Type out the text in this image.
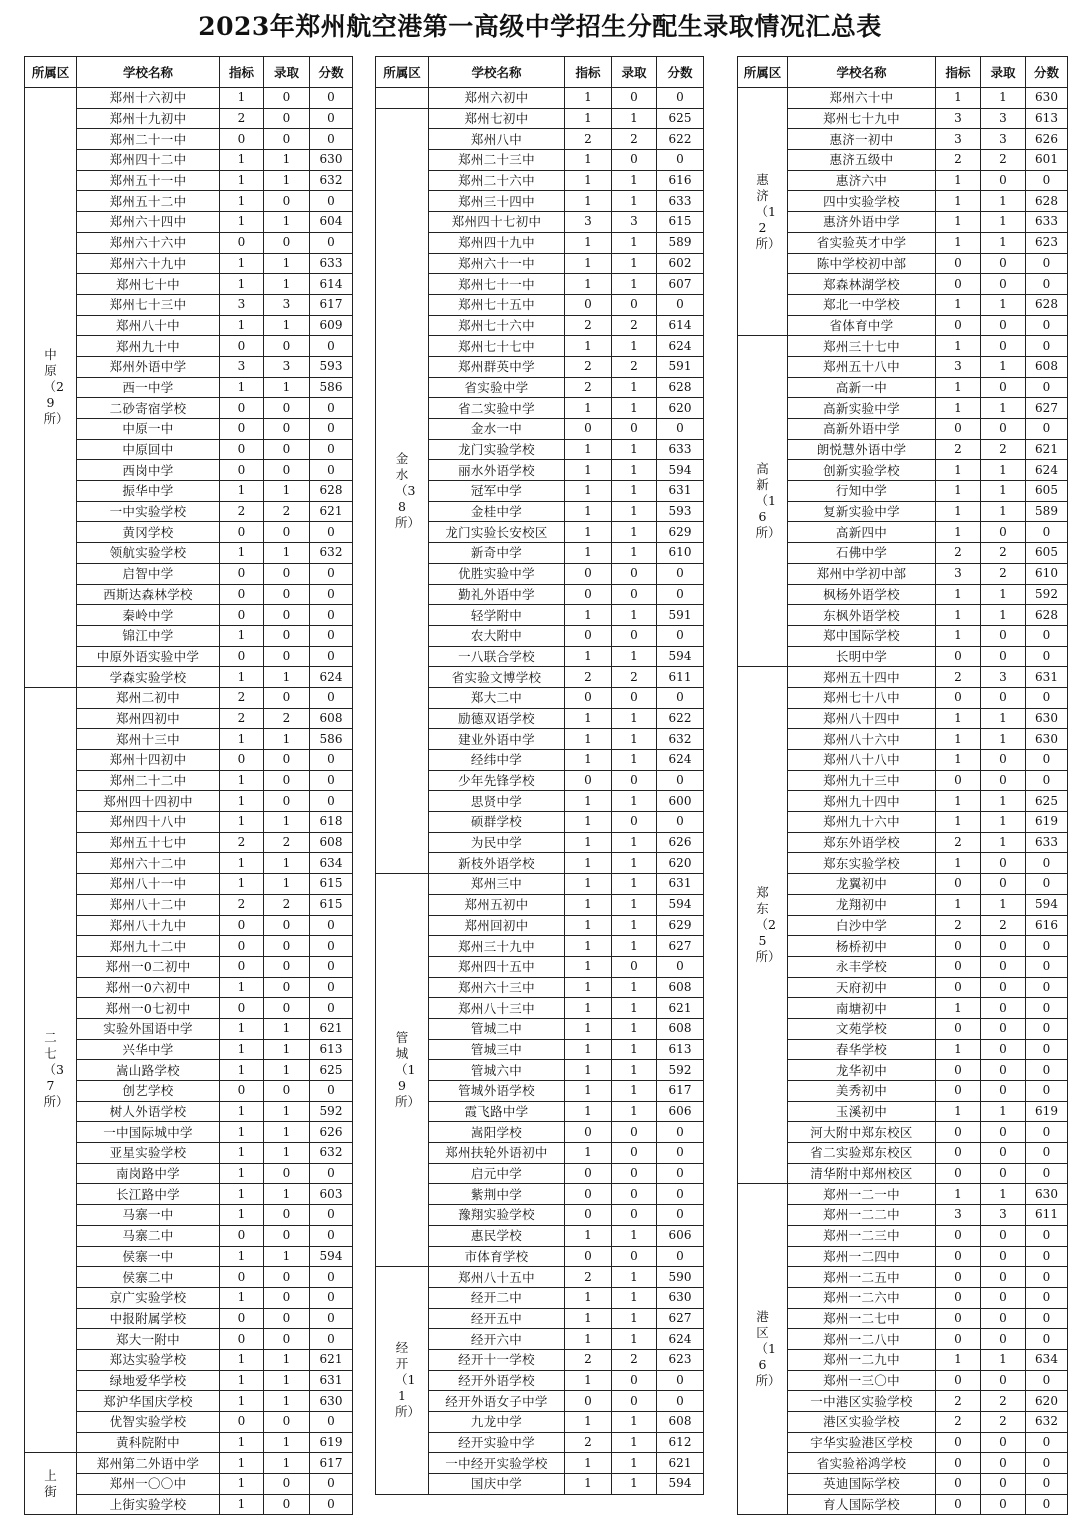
2023年郑州航空港第一高级中学招生分配生录取情况汇总表
所属区	学校名称	指标	录取	分数
中原（29所）	郑州十六初中	1	0	0
	郑州十九初中	2	0	0
	郑州二十一中	0	0	0
	郑州四十二中	1	1	630
	郑州五十一中	1	1	632
	郑州五十二中	1	0	0
	郑州六十四中	1	1	604
	郑州六十六中	0	0	0
	郑州六十九中	1	1	633
	郑州七十中	1	1	614
	郑州七十三中	3	3	617
	郑州八十中	1	1	609
	郑州九十中	0	0	0
	郑州外语中学	3	3	593
	西一中学	1	1	586
	二砂寄宿学校	0	0	0
	中原一中	0	0	0
	中原回中	0	0	0
	西岗中学	0	0	0
	振华中学	1	1	628
	一中实验学校	2	2	621
	黄冈学校	0	0	0
	领航实验学校	1	1	632
	启智中学	0	0	0
	西斯达森林学校	0	0	0
	秦岭中学	0	0	0
	锦江中学	1	0	0
	中原外语实验中学	0	0	0
	学森实验学校	1	1	624
二七（37所）	郑州二初中	2	0	0
	郑州四初中	2	2	608
	郑州十三中	1	1	586
	郑州十四初中	0	0	0
	郑州二十二中	1	0	0
	郑州四十四初中	1	0	0
	郑州四十八中	1	1	618
	郑州五十七中	2	2	608
	郑州六十二中	1	1	634
	郑州八十一中	1	1	615
	郑州八十二中	2	2	615
	郑州八十九中	0	0	0
	郑州九十二中	0	0	0
	郑州一0二初中	0	0	0
	郑州一0六初中	1	0	0
	郑州一0七初中	0	0	0
	实验外国语中学	1	1	621
	兴华中学	1	1	613
	嵩山路学校	1	1	625
	创艺学校	0	0	0
	树人外语学校	1	1	592
	一中国际城中学	1	1	626
	亚星实验学校	1	1	632
	南岗路中学	1	0	0
	长江路中学	1	1	603
	马寨一中	1	0	0
	马寨二中	0	0	0
	侯寨一中	1	1	594
	侯寨二中	0	0	0
	京广实验学校	1	0	0
	中报附属学校	0	0	0
	郑大一附中	0	0	0
	郑达实验学校	1	1	621
	绿地爱华学校	1	1	631
	郑沪华国庆学校	1	1	630
	优智实验学校	0	0	0
	黄科院附中	1	1	619
上街	郑州第二外语中学	1	1	617
	郑州一〇〇中	1	0	0
	上街实验学校	1	0	0
所属区	学校名称	指标	录取	分数
	郑州六初中	1	0	0
金水（38所）	郑州七初中	1	1	625
	郑州八中	2	2	622
	郑州二十三中	1	0	0
	郑州二十六中	1	1	616
	郑州三十四中	1	1	633
	郑州四十七初中	3	3	615
	郑州四十九中	1	1	589
	郑州六十一中	1	1	602
	郑州七十一中	1	1	607
	郑州七十五中	0	0	0
	郑州七十六中	2	2	614
	郑州七十七中	1	1	624
	郑州群英中学	2	2	591
	省实验中学	2	1	628
	省二实验中学	1	1	620
	金水一中	0	0	0
	龙门实验学校	1	1	633
	丽水外语学校	1	1	594
	冠军中学	1	1	631
	金桂中学	1	1	593
	龙门实验长安校区	1	1	629
	新奇中学	1	1	610
	优胜实验中学	0	0	0
	勤礼外语中学	0	0	0
	轻学附中	1	1	591
	农大附中	0	0	0
	一八联合学校	1	1	594
	省实验文博学校	2	2	611
	郑大二中	0	0	0
	励德双语学校	1	1	622
	建业外语中学	1	1	632
	经纬中学	1	1	624
	少年先锋学校	0	0	0
	思贤中学	1	1	600
	硕群学校	1	0	0
	为民中学	1	1	626
	新枝外语学校	1	1	620
管城（19所）	郑州三中	1	1	631
	郑州五初中	1	1	594
	郑州回初中	1	1	629
	郑州三十九中	1	1	627
	郑州四十五中	1	0	0
	郑州六十三中	1	1	608
	郑州八十三中	1	1	621
	管城二中	1	1	608
	管城三中	1	1	613
	管城六中	1	1	592
	管城外语学校	1	1	617
	霞飞路中学	1	1	606
	嵩阳学校	0	0	0
	郑州扶轮外语初中	1	0	0
	启元中学	0	0	0
	紫荆中学	0	0	0
	豫翔实验学校	0	0	0
	惠民学校	1	1	606
	市体育学校	0	0	0
经开（11所）	郑州八十五中	2	1	590
	经开二中	1	1	630
	经开五中	1	1	627
	经开六中	1	1	624
	经开十一学校	2	2	623
	经开外语学校	1	0	0
	经开外语女子中学	0	0	0
	九龙中学	1	1	608
	经开实验中学	2	1	612
	一中经开实验学校	1	1	621
	国庆中学	1	1	594
所属区	学校名称	指标	录取	分数
惠济（12所）	郑州六十中	1	1	630
	郑州七十九中	3	3	613
	惠济一初中	3	3	626
	惠济五级中	2	2	601
	惠济六中	1	0	0
	四中实验学校	1	1	628
	惠济外语中学	1	1	633
	省实验英才中学	1	1	623
	陈中学校初中部	0	0	0
	郑森林湖学校	0	0	0
	郑北一中学校	1	1	628
	省体育中学	0	0	0
高新（16所）	郑州三十七中	1	0	0
	郑州五十八中	3	1	608
	高新一中	1	0	0
	高新实验中学	1	1	627
	高新外语中学	0	0	0
	朗悦慧外语中学	2	2	621
	创新实验学校	1	1	624
	行知中学	1	1	605
	复新实验中学	1	1	589
	高新四中	1	0	0
	石佛中学	2	2	605
	郑州中学初中部	3	2	610
	枫杨外语学校	1	1	592
	东枫外语学校	1	1	628
	郑中国际学校	1	0	0
	长明中学	0	0	0
郑东（25所）	郑州五十四中	2	3	631
	郑州七十八中	0	0	0
	郑州八十四中	1	1	630
	郑州八十六中	1	1	630
	郑州八十八中	1	0	0
	郑州九十三中	0	0	0
	郑州九十四中	1	1	625
	郑州九十六中	1	1	619
	郑东外语学校	2	1	633
	郑东实验学校	1	0	0
	龙翼初中	0	0	0
	龙翔初中	1	1	594
	白沙中学	2	2	616
	杨桥初中	0	0	0
	永丰学校	0	0	0
	天府初中	0	0	0
	南塘初中	1	0	0
	文苑学校	0	0	0
	春华学校	1	0	0
	龙华初中	0	0	0
	美秀初中	0	0	0
	玉溪初中	1	1	619
	河大附中郑东校区	0	0	0
	省二实验郑东校区	0	0	0
	清华附中郑州校区	0	0	0
港区（16所）	郑州一二一中	1	1	630
	郑州一二二中	3	3	611
	郑州一二三中	0	0	0
	郑州一二四中	0	0	0
	郑州一二五中	0	0	0
	郑州一二六中	0	0	0
	郑州一二七中	0	0	0
	郑州一二八中	0	0	0
	郑州一二九中	1	1	634
	郑州一三〇中	0	0	0
	一中港区实验学校	2	2	620
	港区实验学校	2	2	632
	宇华实验港区学校	0	0	0
	省实验裕鸿学校	0	0	0
	英迪国际学校	0	0	0
	育人国际学校	0	0	0
